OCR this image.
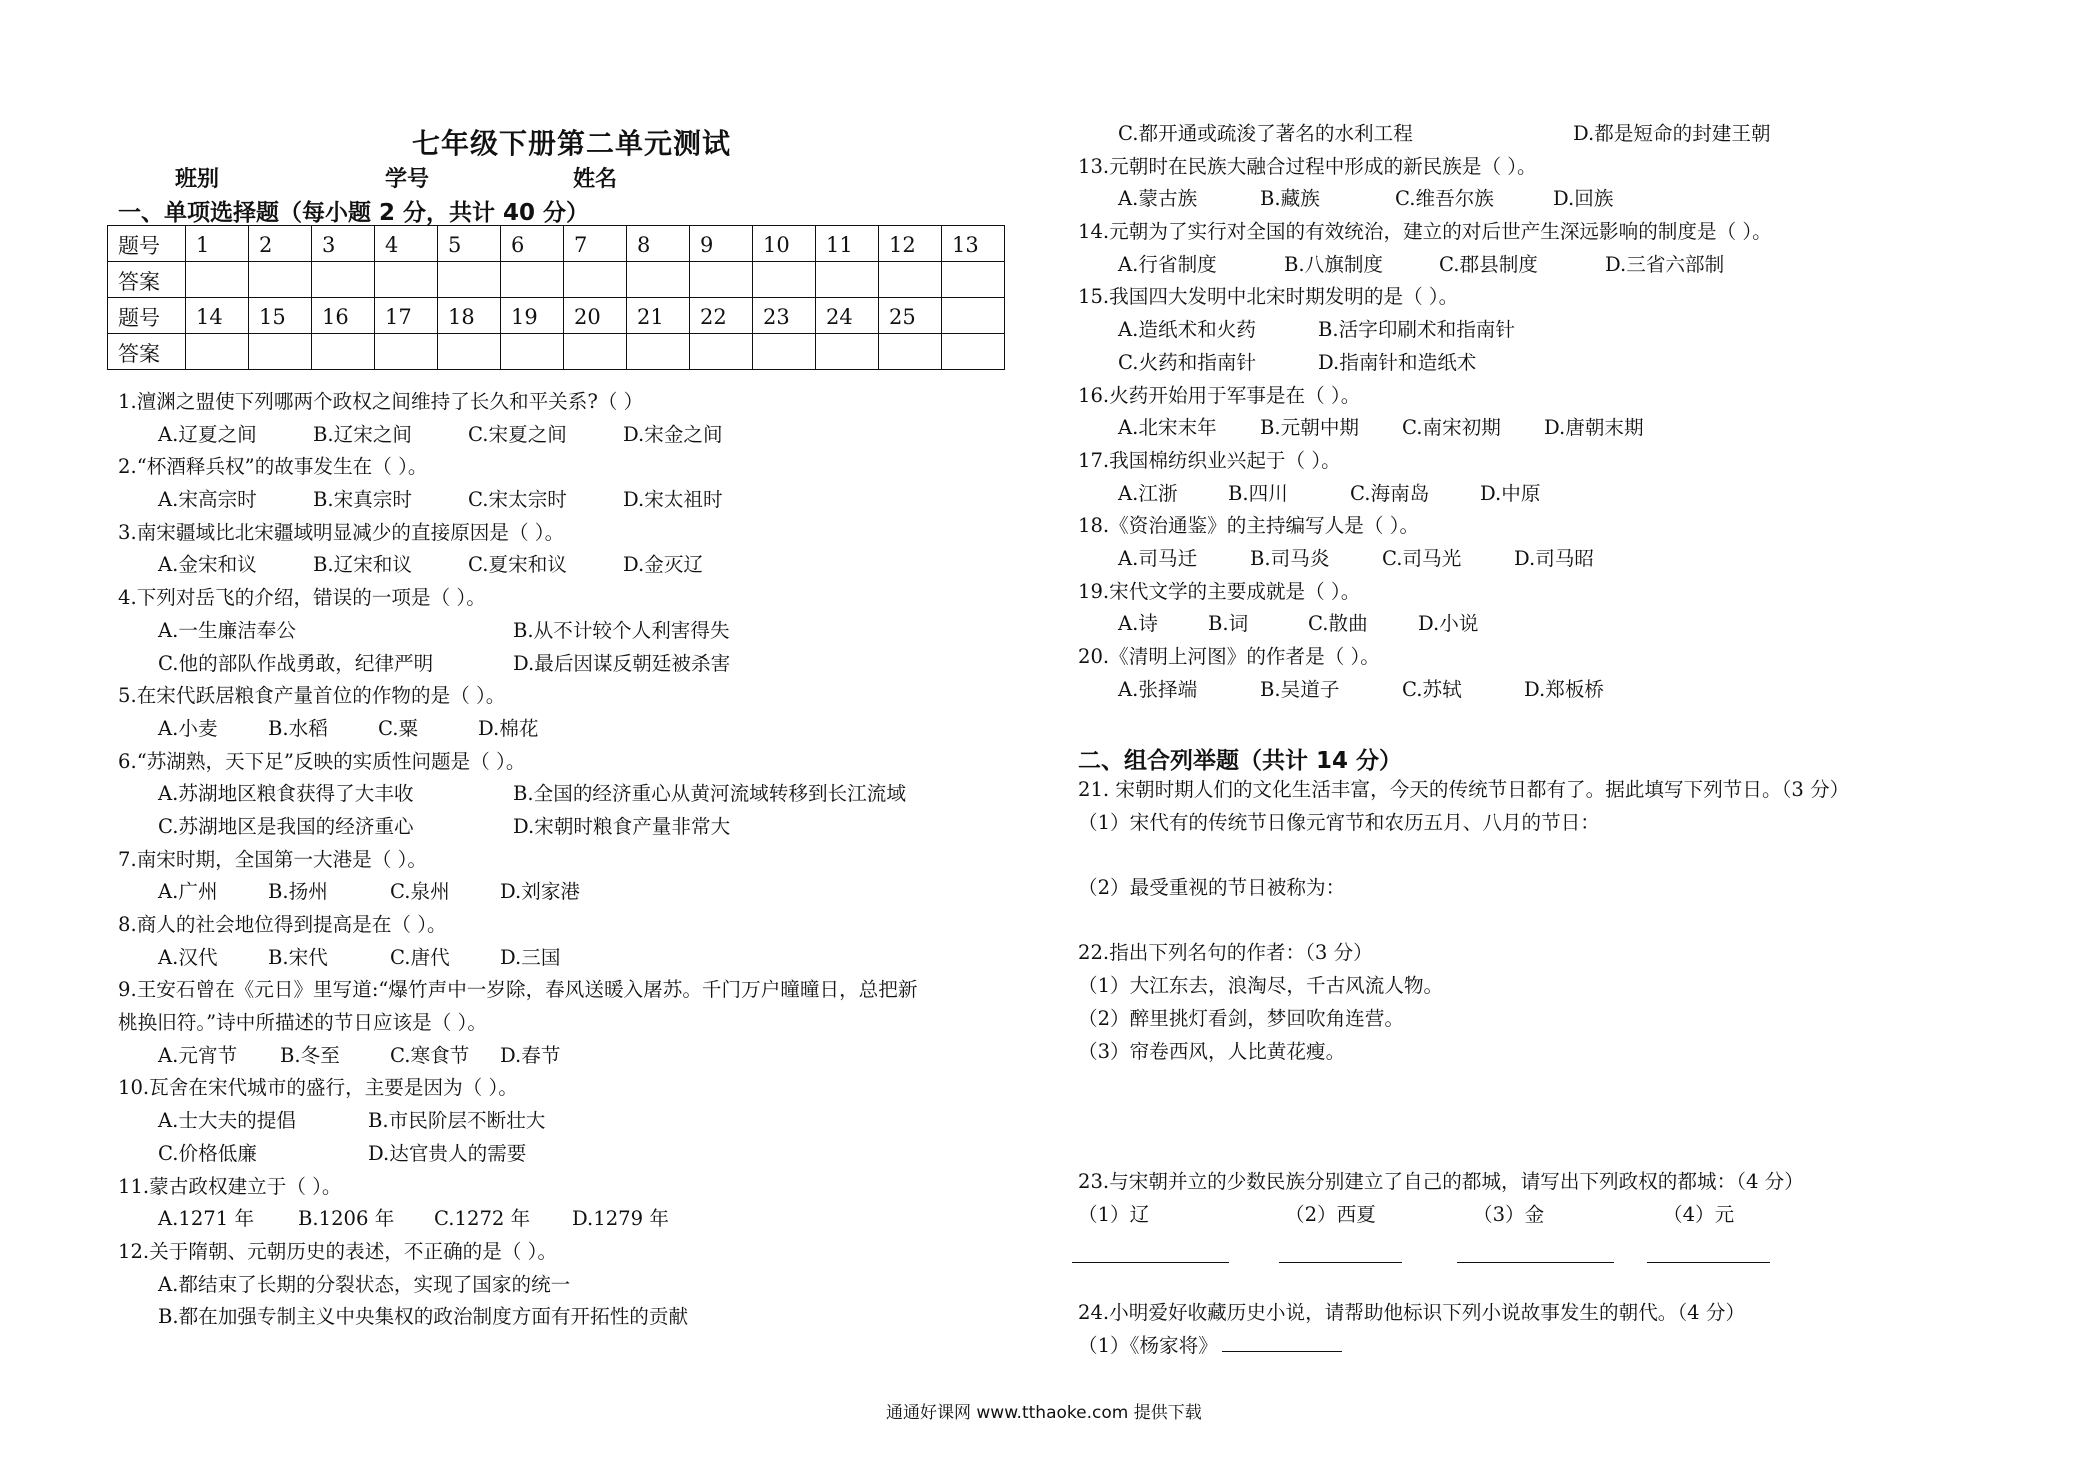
七年级下册第二单元测试
班别	学号	姓名
一、单项选择题（每小题 2 分，共计 40 分）
题号	1	2	3	4	5	6	7	8	9	10	11	12	13
答案													
题号	14	15	16	17	18	19	20	21	22	23	24	25	
答案													
1.澶渊之盟使下列哪两个政权之间维持了长久和平关系?（ ）
A.辽夏之间	B.辽宋之间	C.宋夏之间	D.宋金之间
2.“杯酒释兵权”的故事发生在（ ）。
A.宋高宗时	B.宋真宗时	C.宋太宗时	D.宋太祖时
3.南宋疆域比北宋疆域明显减少的直接原因是（ ）。
A.金宋和议	B.辽宋和议	C.夏宋和议	D.金灭辽
4.下列对岳飞的介绍，错误的一项是（ ）。
A.一生廉洁奉公	B.从不计较个人利害得失
C.他的部队作战勇敢，纪律严明	D.最后因谋反朝廷被杀害
5.在宋代跃居粮食产量首位的作物的是（ ）。
A.小麦	B.水稻	C.粟	D.棉花
6.“苏湖熟，天下足”反映的实质性问题是（ ）。
A.苏湖地区粮食获得了大丰收	B.全国的经济重心从黄河流域转移到长江流域
C.苏湖地区是我国的经济重心	D.宋朝时粮食产量非常大
7.南宋时期，全国第一大港是（ ）。
A.广州	B.扬州	C.泉州	D.刘家港
8.商人的社会地位得到提高是在（ ）。
A.汉代	B.宋代	C.唐代	D.三国
9.王安石曾在《元日》里写道:“爆竹声中一岁除，春风送暖入屠苏。千门万户曈曈日，总把新
桃换旧符。”诗中所描述的节日应该是（ ）。
A.元宵节 B.冬至	C.寒食节 D.春节
10.瓦舍在宋代城市的盛行，主要是因为（ ）。
A.士大夫的提倡	B.市民阶层不断壮大
C.价格低廉	D.达官贵人的需要
11.蒙古政权建立于（ ）。
A.1271 年 B.1206 年 C.1272 年 D.1279 年
12.关于隋朝、元朝历史的表述，不正确的是（ ）。
A.都结束了长期的分裂状态，实现了国家的统一
B.都在加强专制主义中央集权的政治制度方面有开拓性的贡献
C.都开通或疏浚了著名的水利工程	D.都是短命的封建王朝
13.元朝时在民族大融合过程中形成的新民族是（ ）。
A.蒙古族	B.藏族	C.维吾尔族	D.回族
14.元朝为了实行对全国的有效统治，建立的对后世产生深远影响的制度是（ ）。
A.行省制度	B.八旗制度	C.郡县制度	D.三省六部制
15.我国四大发明中北宋时期发明的是（ ）。
A.造纸术和火药	B.活字印刷术和指南针
C.火药和指南针	D.指南针和造纸术
16.火药开始用于军事是在（ ）。
A.北宋末年 B.元朝中期 C.南宋初期 D.唐朝末期
17.我国棉纺织业兴起于（ ）。
A.江浙	B.四川	C.海南岛	D.中原
18.《资治通鉴》的主持编写人是（ ）。
A.司马迁	B.司马炎	C.司马光	D.司马昭
19.宋代文学的主要成就是（ ）。
A.诗	B.词	C.散曲	D.小说
20.《清明上河图》的作者是（ ）。
A.张择端	B.吴道子	C.苏轼	D.郑板桥
二、组合列举题（共计 14 分）
21. 宋朝时期人们的文化生活丰富，今天的传统节日都有了。据此填写下列节日。（3 分）
（1）宋代有的传统节日像元宵节和农历五月、八月的节日：
（2）最受重视的节日被称为：
22.指出下列名句的作者：（3 分）
（1）大江东去，浪淘尽，千古风流人物。
（2）醉里挑灯看剑，梦回吹角连营。
（3）帘卷西风，人比黄花瘦。
23.与宋朝并立的少数民族分别建立了自己的都城，请写出下列政权的都城：（4 分）
（1）辽	（2）西夏	（3）金	（4）元
24.小明爱好收藏历史小说，请帮助他标识下列小说故事发生的朝代。（4 分）
（1）《杨家将》
通通好课网 www.tthaoke.com 提供下载
